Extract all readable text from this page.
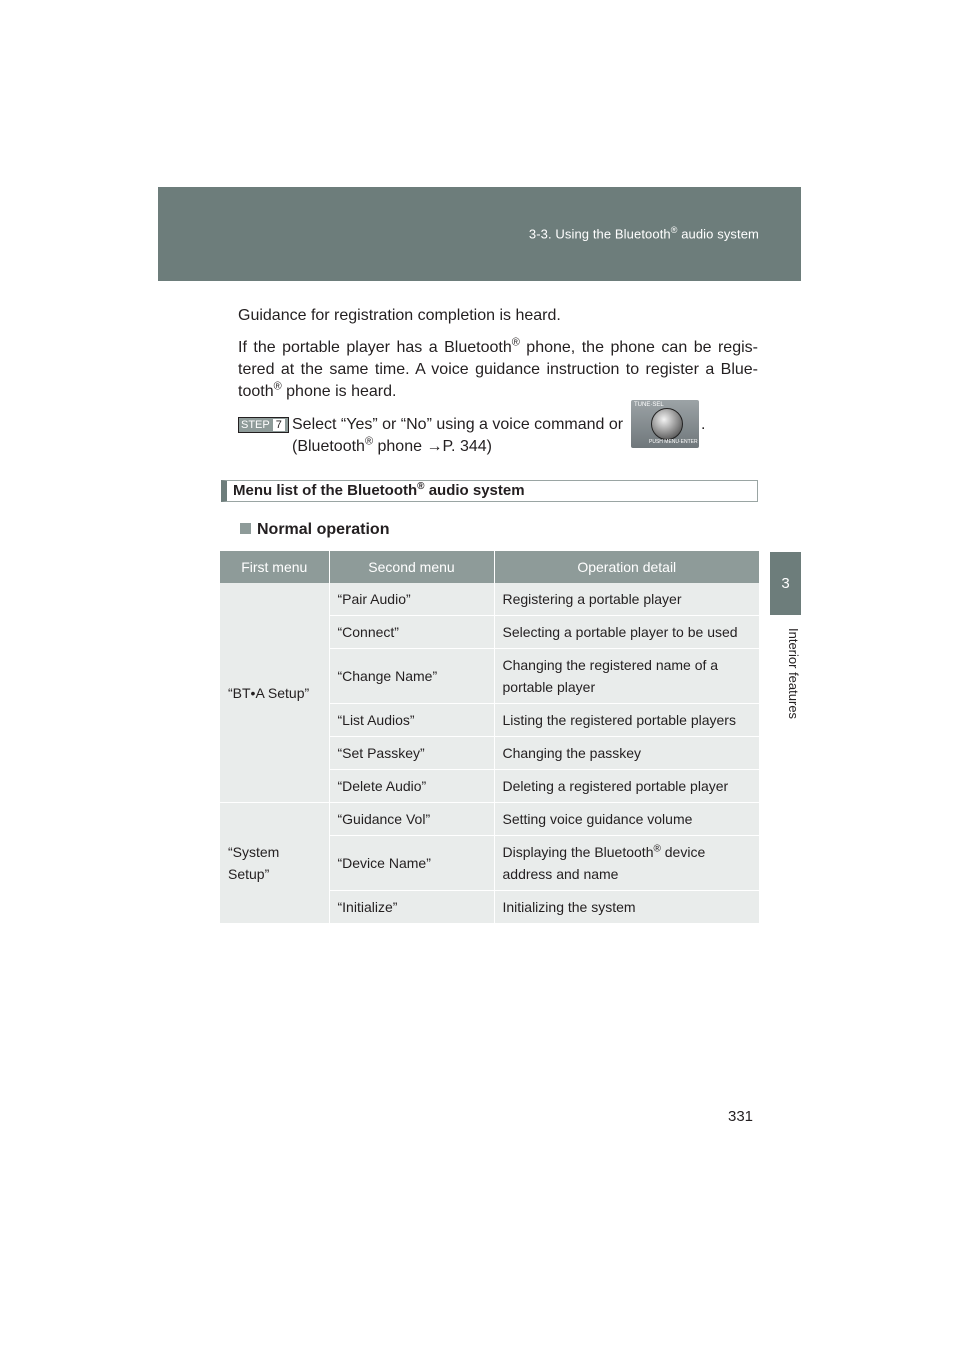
3-3. Using the Bluetooth® audio system
3
Interior features
Guidance for registration completion is heard.
If the portable player has a Bluetooth® phone, the phone can be regis- tered at the same time. A voice guidance instruction to register a Blue- tooth® phone is heard.
STEP 7 Select “Yes” or “No” using a voice command or
TUNE·SEL
PUSH MENU·ENTER
.
(Bluetooth® phone →P. 344)
Menu list of the Bluetooth® audio system
Normal operation
First menu	Second menu	Operation detail
“BT•A Setup”	“Pair Audio”	Registering a portable player
	“Connect”	Selecting a portable player to be used
	“Change Name”	Changing the registered name of a portable player
	“List Audios”	Listing the registered portable players
	“Set Passkey”	Changing the passkey
	“Delete Audio”	Deleting a registered portable player
“System Setup”	“Guidance Vol”	Setting voice guidance volume
	“Device Name”	Displaying the Bluetooth® device address and name
	“Initialize”	Initializing the system
331
